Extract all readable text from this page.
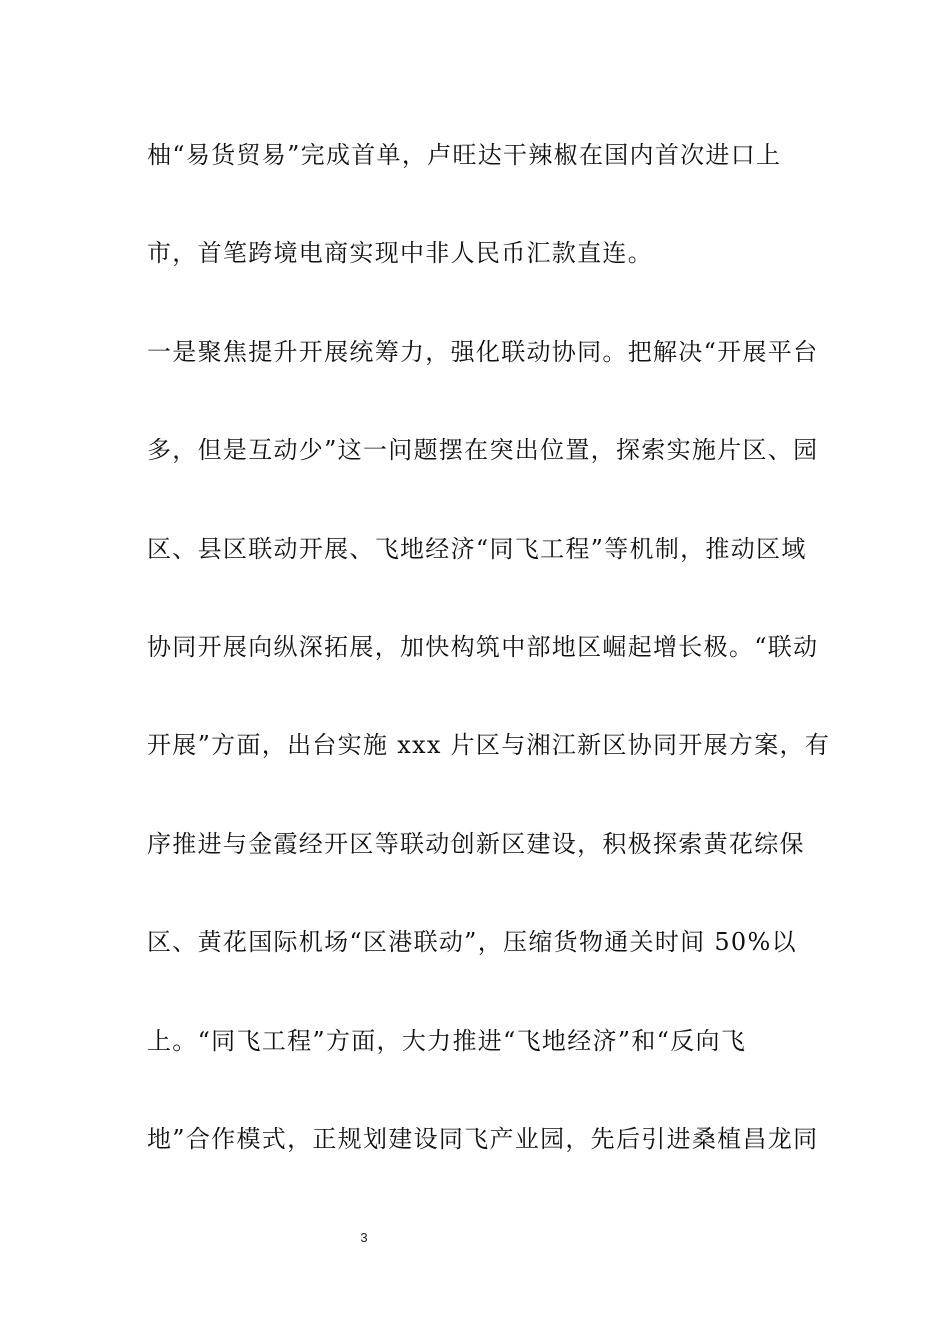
柚“易货贸易”完成首单，卢旺达干辣椒在国内首次进口上
市，首笔跨境电商实现中非人民币汇款直连。
一是聚焦提升开展统筹力，强化联动协同。把解决“开展平台
多，但是互动少”这一问题摆在突出位置，探索实施片区、园
区、县区联动开展、飞地经济“同飞工程”等机制，推动区域
协同开展向纵深拓展，加快构筑中部地区崛起增长极。“联动
开展”方面，出台实施 xxx 片区与湘江新区协同开展方案，有
序推进与金霞经开区等联动创新区建设，积极探索黄花综保
区、黄花国际机场“区港联动”，压缩货物通关时间 50%以
上。“同飞工程”方面，大力推进“飞地经济”和“反向飞
地”合作模式，正规划建设同飞产业园，先后引进桑植昌龙同
3
